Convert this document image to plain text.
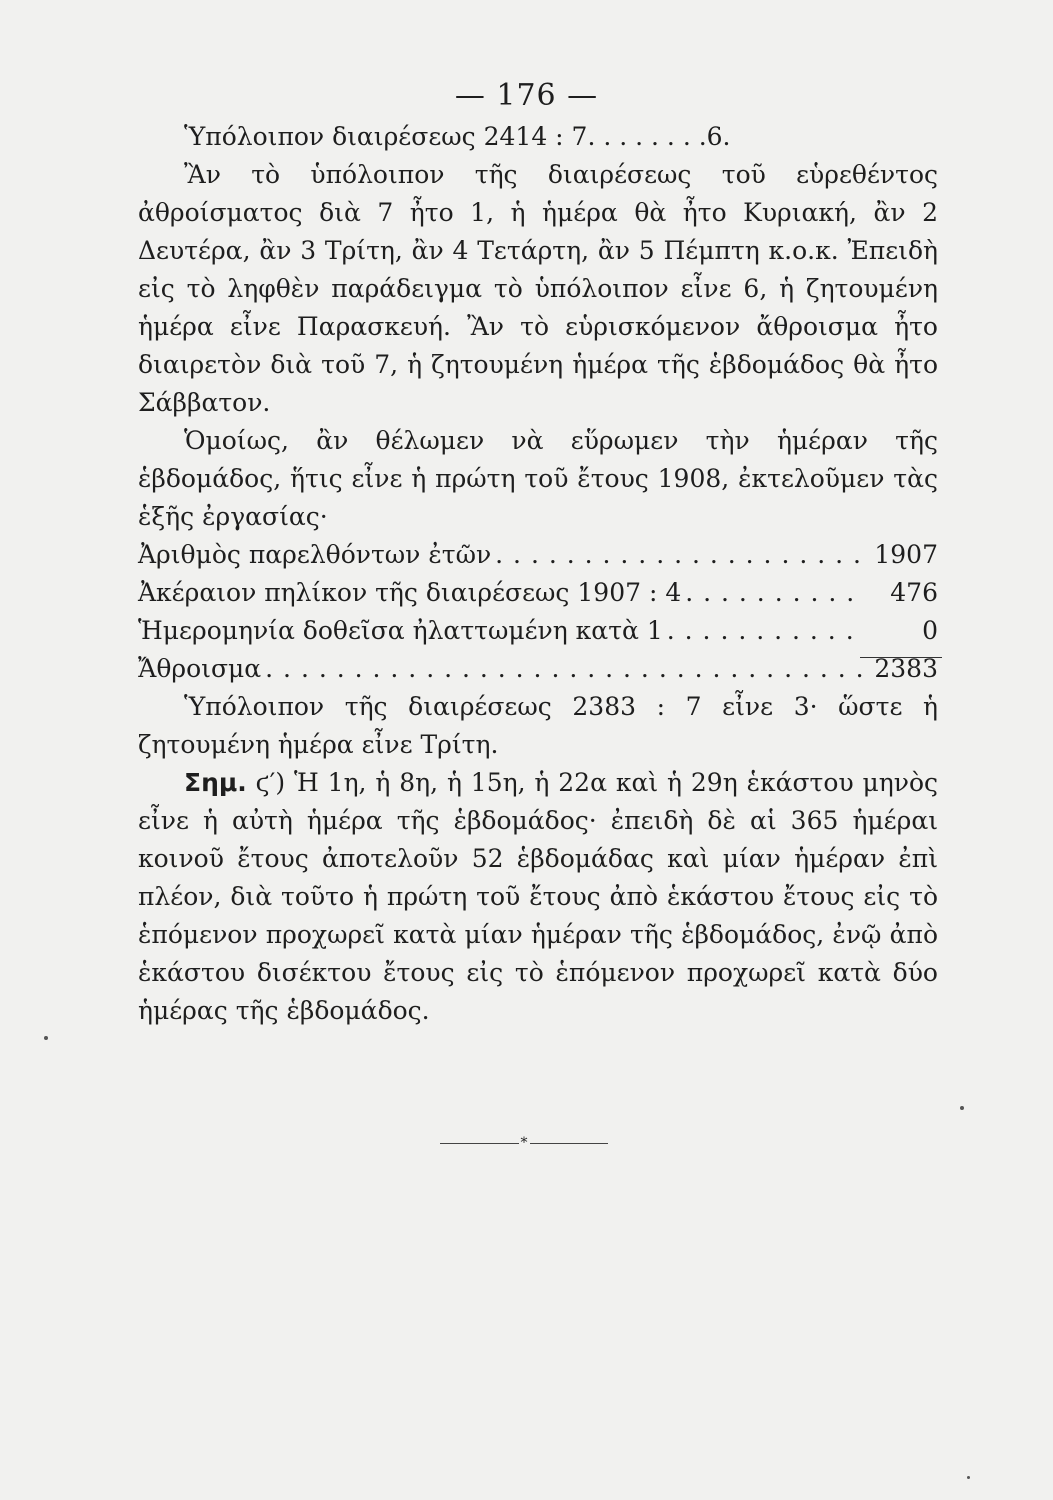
— 176 —

Ὑπόλοιπον διαιρέσεως 2414 : 7. . . . . . . .6.

Ἂν τὸ ὑπόλοιπον τῆς διαιρέσεως τοῦ εὑρεθέντος ἀθροίσματος διὰ 7 ἦτο 1, ἡ ἡμέρα θὰ ἦτο Κυριακή, ἂν 2 Δευτέρα, ἂν 3 Τρίτη, ἂν 4 Τετάρτη, ἂν 5 Πέμπτη κ.ο.κ. Ἐπειδὴ εἰς τὸ ληφθὲν παράδειγμα τὸ ὑπόλοιπον εἶνε 6, ἡ ζητουμένη ἡμέρα εἶνε Παρασκευή. Ἂν τὸ εὑρισκόμενον ἄθροισμα ἦτο διαιρετὸν διὰ τοῦ 7, ἡ ζητουμένη ἡμέρα τῆς ἑβδομάδος θὰ ἦτο Σάββατον.

Ὁμοίως, ἂν θέλωμεν νὰ εὕρωμεν τὴν ἡμέραν τῆς ἑβδομάδος, ἥτις εἶνε ἡ πρώτη τοῦ ἔτους 1908, ἐκτελοῦμεν τὰς ἑξῆς ἐργασίας·

Ἀριθμὸς παρελθόντων ἐτῶν . . .	1907
Ἀκέραιον πηλίκον τῆς διαιρέσεως 1907 : 4 . . .	476
Ἡμερομηνία δοθεῖσα ἠλαττωμένη κατὰ 1 . . .	0
Ἄθροισμα . . .	2383

Ὑπόλοιπον τῆς διαιρέσεως 2383 : 7 εἶνε 3· ὥστε ἡ ζητουμένη ἡμέρα εἶνε Τρίτη.

Σημ. ϛ′) Ἡ 1η, ἡ 8η, ἡ 15η, ἡ 22α καὶ ἡ 29η ἑκάστου μηνὸς εἶνε ἡ αὐτὴ ἡμέρα τῆς ἑβδομάδος· ἐπειδὴ δὲ αἱ 365 ἡμέραι κοινοῦ ἔτους ἀποτελοῦν 52 ἑβδομάδας καὶ μίαν ἡμέραν ἐπὶ πλέον, διὰ τοῦτο ἡ πρώτη τοῦ ἔτους ἀπὸ ἑκάστου ἔτους εἰς τὸ ἑπόμενον προχωρεῖ κατὰ μίαν ἡμέραν τῆς ἑβδομάδος, ἐνῷ ἀπὸ ἑκάστου δισέκτου ἔτους εἰς τὸ ἑπόμενον προχωρεῖ κατὰ δύο ἡμέρας τῆς ἑβδομάδος.

*
